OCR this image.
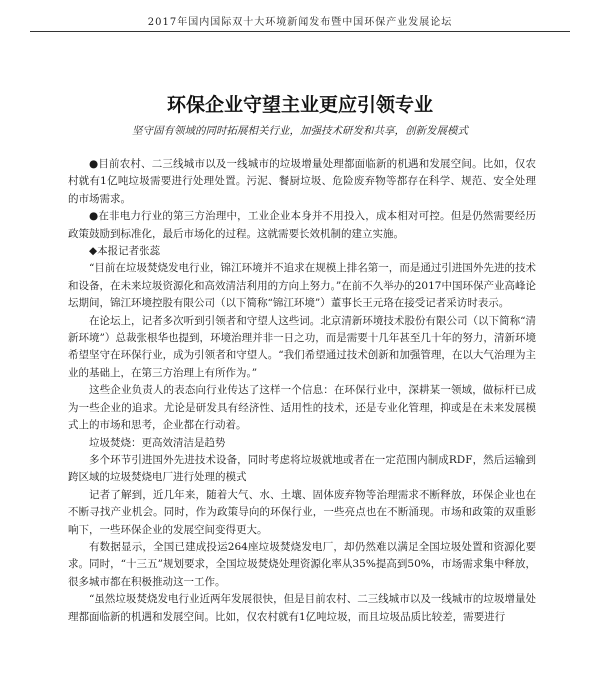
2017年国内国际双十大环境新闻发布暨中国环保产业发展论坛
环保企业守望主业更应引领专业
坚守固有领域的同时拓展相关行业，加强技术研发和共享，创新发展模式

●目前农村、二三线城市以及一线城市的垃圾增量处理都面临新的机遇和发展空间。比如，仅农村就有1亿吨垃圾需要进行处理处置。污泥、餐厨垃圾、危险废弃物等都存在科学、规范、安全处理的市场需求。

●在非电力行业的第三方治理中，工业企业本身并不用投入，成本相对可控。但是仍然需要经历政策鼓励到标准化，最后市场化的过程。这就需要长效机制的建立实施。

◆本报记者张蕊

“目前在垃圾焚烧发电行业，锦江环境并不追求在规模上排名第一，而是通过引进国外先进的技术和设备，在未来垃圾资源化和高效清洁利用的方向上努力。”在前不久举办的2017中国环保产业高峰论坛期间，锦江环境控股有限公司（以下简称“锦江环境”）董事长王元珞在接受记者采访时表示。

在论坛上，记者多次听到引领者和守望人这些词。北京清新环境技术股份有限公司（以下简称“清新环境”）总裁张根华也提到，环境治理并非一日之功，而是需要十几年甚至几十年的努力，清新环境希望坚守在环保行业，成为引领者和守望人。“我们希望通过技术创新和加强管理，在以大气治理为主业的基础上，在第三方治理上有所作为。”

这些企业负责人的表态向行业传达了这样一个信息：在环保行业中，深耕某一领域，做标杆已成为一些企业的追求。尤论是研发具有经济性、适用性的技术，还是专业化管理，抑或是在未来发展模式上的市场和思考，企业都在行动着。

垃圾焚烧：更高效清洁是趋势

多个环节引进国外先进技术设备，同时考虑将垃圾就地或者在一定范围内制成RDF，然后运输到跨区域的垃圾焚烧电厂进行处理的模式

记者了解到，近几年来，随着大气、水、土壤、固体废弃物等治理需求不断释放，环保企业也在不断寻找产业机会。同时，作为政策导向的环保行业，一些亮点也在不断涌现。市场和政策的双重影响下，一些环保企业的发展空间变得更大。

有数据显示，全国已建成投运264座垃圾焚烧发电厂，却仍然难以满足全国垃圾处置和资源化要求。同时，“十三五”规划要求，全国垃圾焚烧处理资源化率从35%提高到50%，市场需求集中释放，很多城市都在积极推动这一工作。

“虽然垃圾焚烧发电行业近两年发展很快，但是目前农村、二三线城市以及一线城市的垃圾增量处理都面临新的机遇和发展空间。比如，仅农村就有1亿吨垃圾，而且垃圾品质比较差，需要进行
